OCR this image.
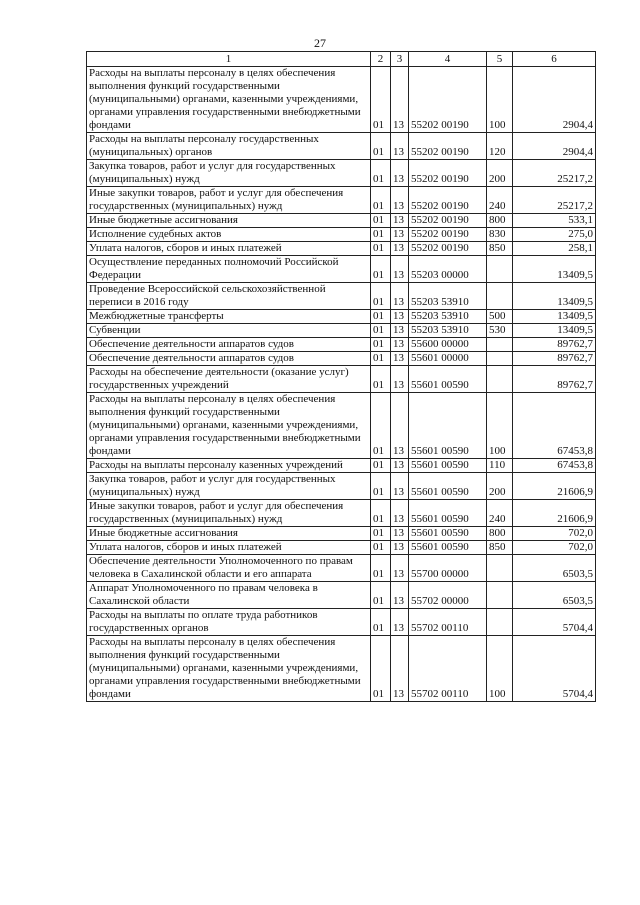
27
1	2	3	4	5	6
Расходы на выплаты персоналу в целях обеспечения выполнения функций государственными (муниципальными) органами, казенными учреждениями, органами управления государственными внебюджетными фондами	01	13	55202 00190	100	2904,4
Расходы на выплаты персоналу государственных (муниципальных) органов	01	13	55202 00190	120	2904,4
Закупка товаров, работ и услуг для государственных (муниципальных) нужд	01	13	55202 00190	200	25217,2
Иные закупки товаров, работ и услуг для обеспечения государственных (муниципальных) нужд	01	13	55202 00190	240	25217,2
Иные бюджетные ассигнования	01	13	55202 00190	800	533,1
Исполнение судебных актов	01	13	55202 00190	830	275,0
Уплата налогов, сборов и иных платежей	01	13	55202 00190	850	258,1
Осуществление переданных полномочий Российской Федерации	01	13	55203 00000		13409,5
Проведение Всероссийской сельскохозяйственной переписи в 2016 году	01	13	55203 53910		13409,5
Межбюджетные трансферты	01	13	55203 53910	500	13409,5
Субвенции	01	13	55203 53910	530	13409,5
Обеспечение деятельности аппаратов судов	01	13	55600 00000		89762,7
Обеспечение деятельности аппаратов судов	01	13	55601 00000		89762,7
Расходы на обеспечение деятельности (оказание услуг) государственных учреждений	01	13	55601 00590		89762,7
Расходы на выплаты персоналу в целях обеспечения выполнения функций государственными (муниципальными) органами, казенными учреждениями, органами управления государственными внебюджетными фондами	01	13	55601 00590	100	67453,8
Расходы на выплаты персоналу казенных учреждений	01	13	55601 00590	110	67453,8
Закупка товаров, работ и услуг для государственных (муниципальных) нужд	01	13	55601 00590	200	21606,9
Иные закупки товаров, работ и услуг для обеспечения государственных (муниципальных) нужд	01	13	55601 00590	240	21606,9
Иные бюджетные ассигнования	01	13	55601 00590	800	702,0
Уплата налогов, сборов и иных платежей	01	13	55601 00590	850	702,0
Обеспечение деятельности Уполномоченного по правам человека в Сахалинской области и его аппарата	01	13	55700 00000		6503,5
Аппарат Уполномоченного по правам человека в Сахалинской области	01	13	55702 00000		6503,5
Расходы на выплаты по оплате труда работников государственных органов	01	13	55702 00110		5704,4
Расходы на выплаты персоналу в целях обеспечения выполнения функций государственными (муниципальными) органами, казенными учреждениями, органами управления государственными внебюджетными фондами	01	13	55702 00110	100	5704,4
